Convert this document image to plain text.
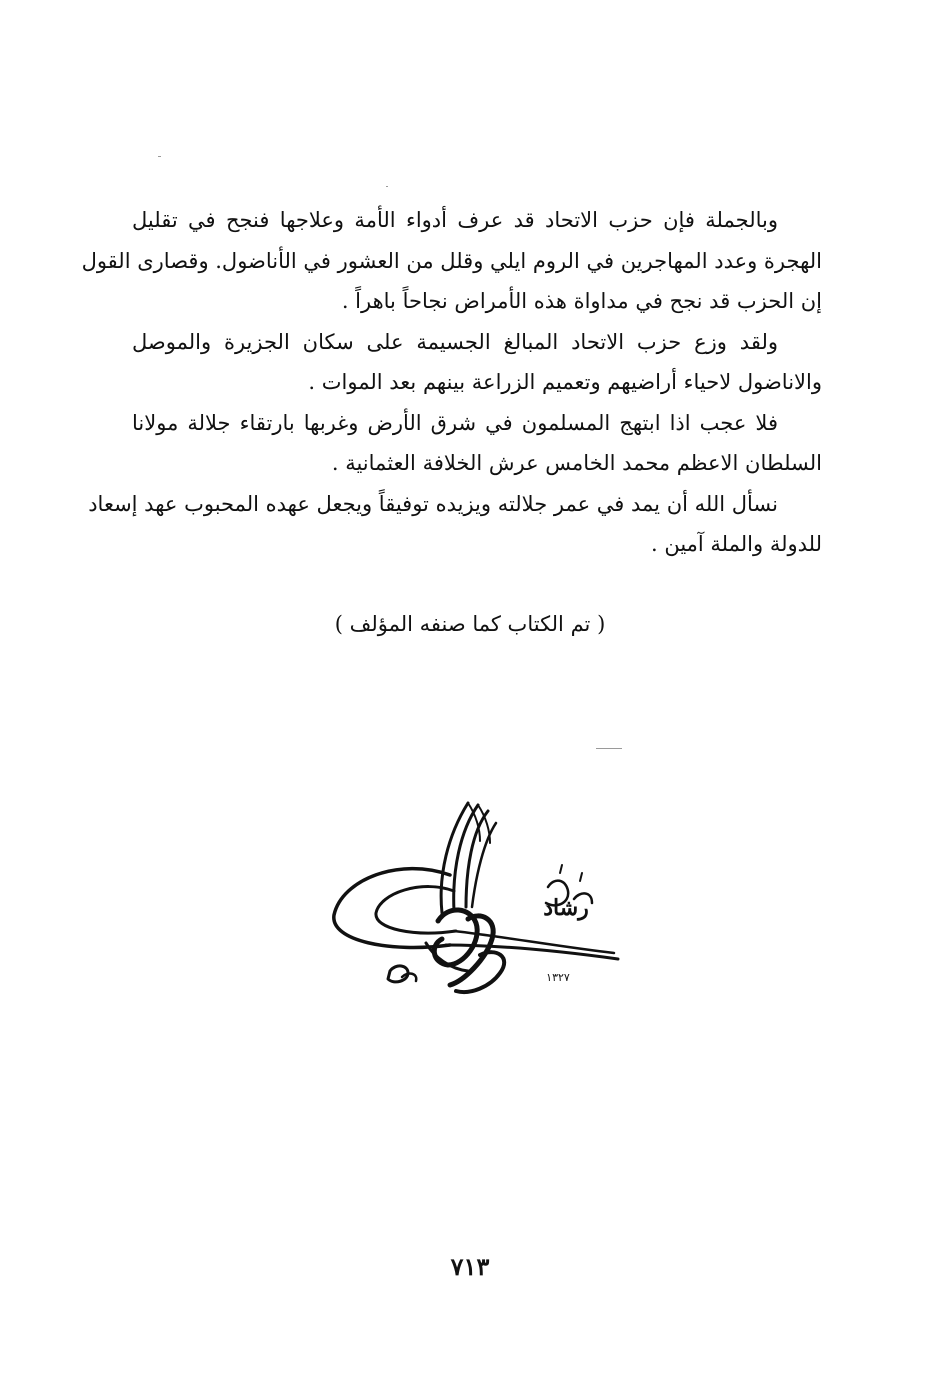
وبالجملة فإن حزب الاتحاد قد عرف أدواء الأمة وعلاجها فنجح في تقليل
الهجرة وعدد المهاجرين في الروم ايلي وقلل من العشور في الأناضول. وقصارى القول
إن الحزب قد نجح في مداواة هذه الأمراض نجاحاً باهراً .
ولقد وزع حزب الاتحاد المبالغ الجسيمة على سكان الجزيرة والموصل
والاناضول لاحياء أراضيهم وتعميم الزراعة بينهم بعد الموات .
فلا عجب اذا ابتهج المسلمون في شرق الأرض وغربها بارتقاء جلالة مولانا
السلطان الاعظم محمد الخامس عرش الخلافة العثمانية .
نسأل الله أن يمد في عمر جلالته ويزيده توفيقاً ويجعل عهده المحبوب عهد إسعاد
للدولة والملة آمين .
( تم الكتاب كما صنفه المؤلف )
رشاد
١٣٢٧
٧١٣
